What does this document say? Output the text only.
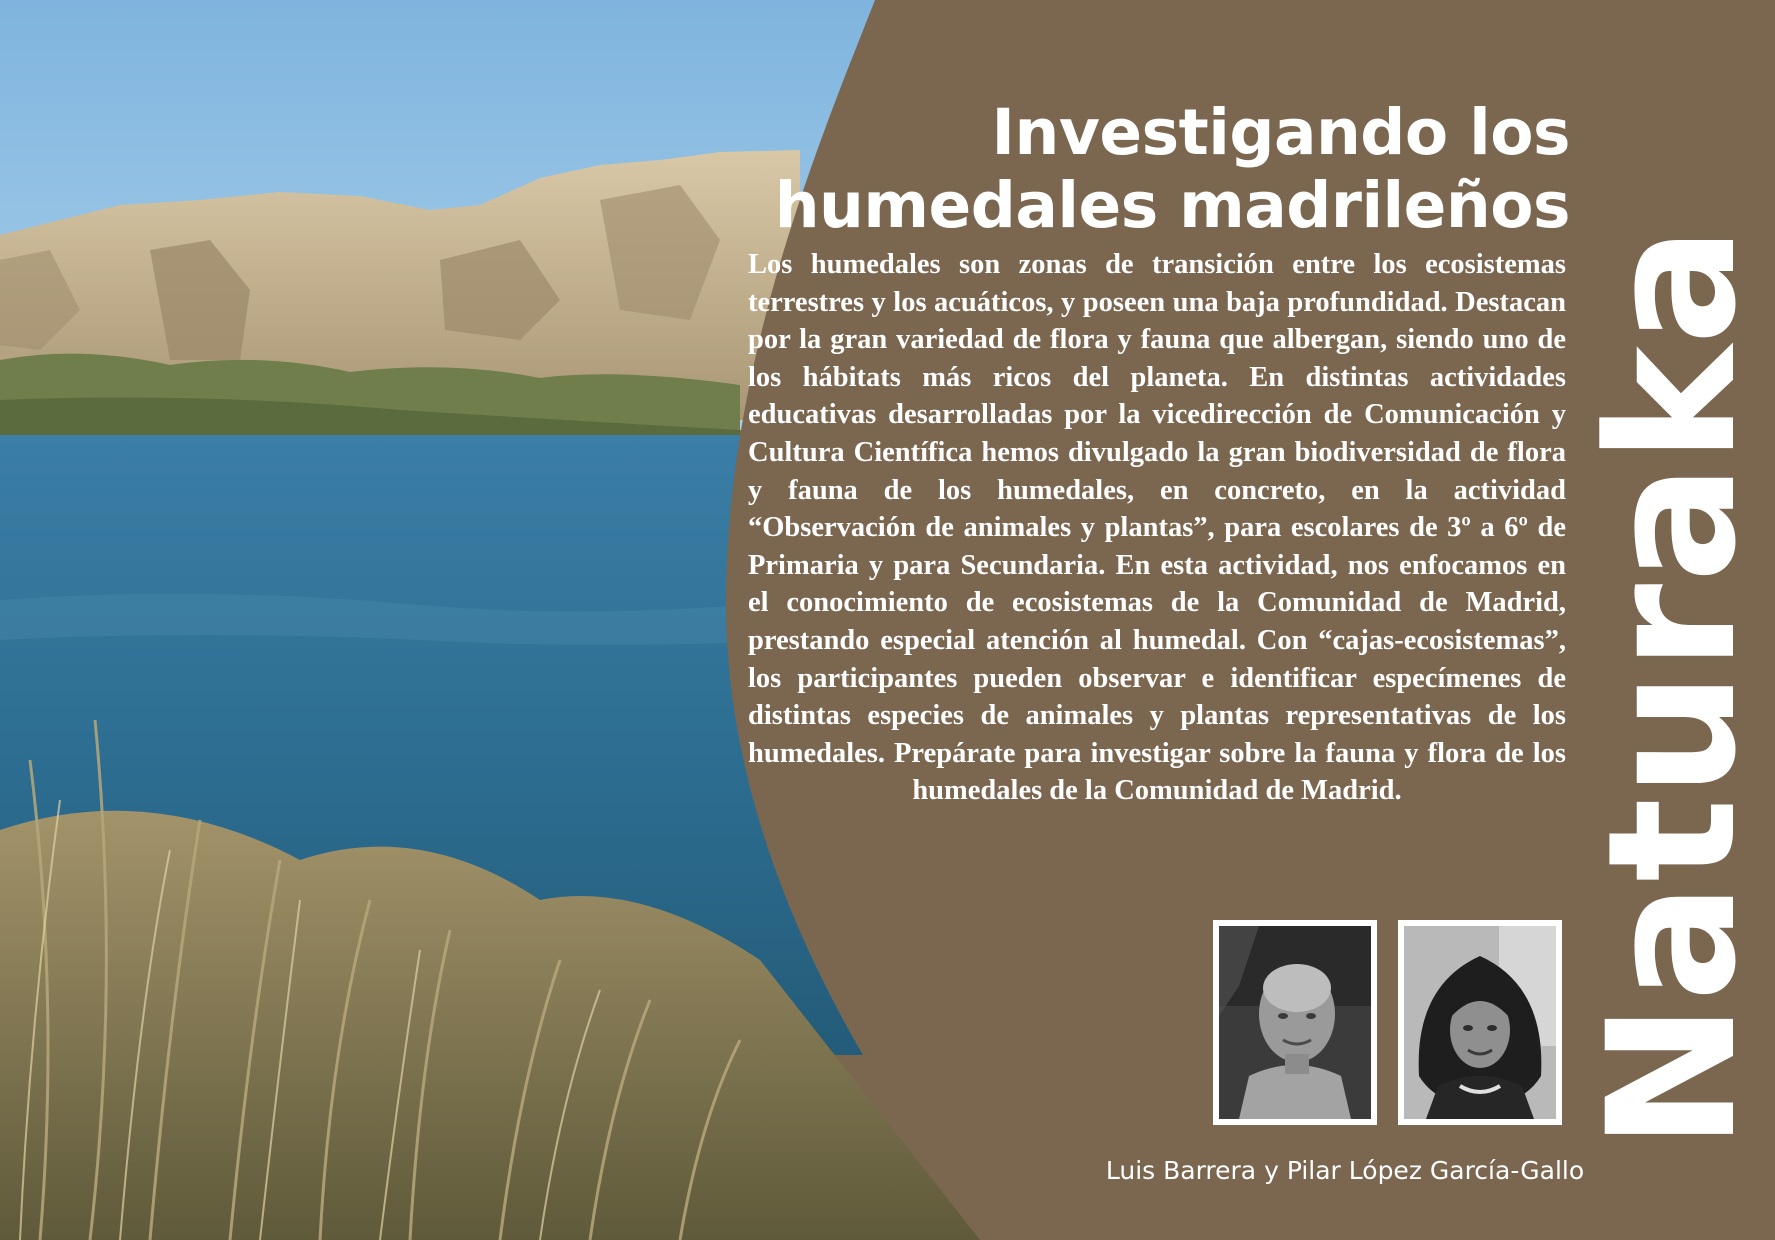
Investigando los
humedales madrileños

Los humedales son zonas de transición entre los ecosistemas terrestres y los acuáticos, y poseen una baja profundidad. Destacan por la gran variedad de flora y fauna que albergan, siendo uno de los hábitats más ricos del planeta. En distintas actividades educativas desarrolladas por la vicedirección de Comunicación y Cultura Científica hemos divulgado la gran biodiversidad de flora y fauna de los humedales, en concreto, en la actividad “Observación de animales y plantas”, para escolares de 3º a 6º de Primaria y para Secundaria. En esta actividad, nos enfocamos en el conocimiento de ecosistemas de la Comunidad de Madrid, prestando especial atención al humedal. Con “cajas-ecosistemas”, los participantes pueden observar e identificar especímenes de distintas especies de animales y plantas representativas de los humedales. Prepárate para investigar sobre la fauna y flora de los humedales de la Comunidad de Madrid. Naturaka

Luis Barrera y Pilar López García-Gallo
